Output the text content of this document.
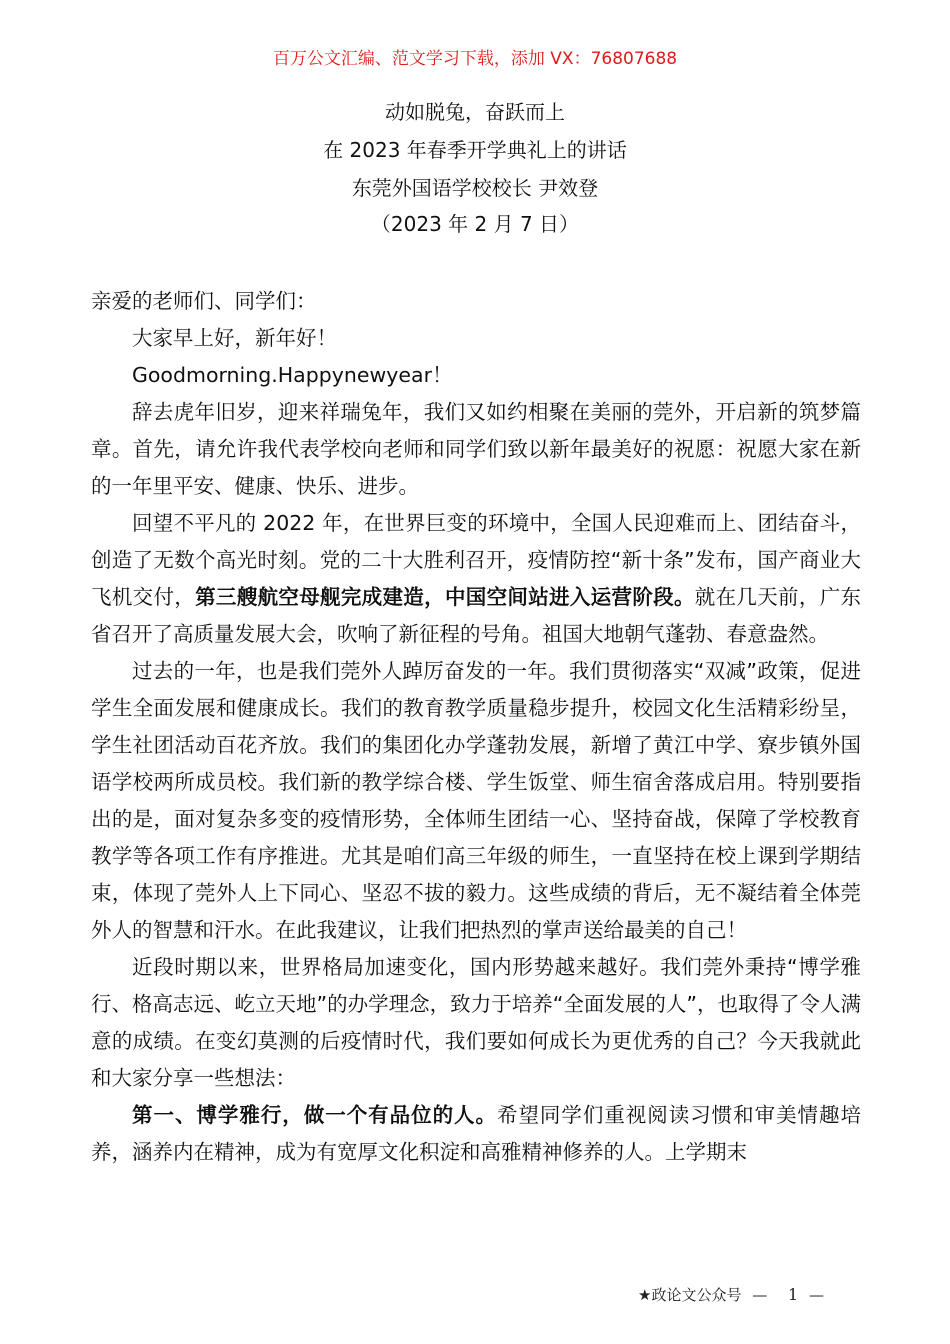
百万公文汇编、范文学习下载，添加 VX：76807688
动如脱兔，奋跃而上
在 2023 年春季开学典礼上的讲话
东莞外国语学校校长 尹效登
（2023 年 2 月 7 日）

亲爱的老师们、同学们：

大家早上好，新年好！

Goodmorning.Happynewyear！

辞去虎年旧岁，迎来祥瑞兔年，我们又如约相聚在美丽的莞外，开启新的筑梦篇章。首先，请允许我代表学校向老师和同学们致以新年最美好的祝愿：祝愿大家在新的一年里平安、健康、快乐、进步。

回望不平凡的 2022 年，在世界巨变的环境中，全国人民迎难而上、团结奋斗，创造了无数个高光时刻。党的二十大胜利召开，疫情防控“新十条”发布，国产商业大飞机交付，第三艘航空母舰完成建造，中国空间站进入运营阶段。就在几天前，广东省召开了高质量发展大会，吹响了新征程的号角。祖国大地朝气蓬勃、春意盎然。

过去的一年，也是我们莞外人踔厉奋发的一年。我们贯彻落实“双减”政策，促进学生全面发展和健康成长。我们的教育教学质量稳步提升，校园文化生活精彩纷呈，学生社团活动百花齐放。我们的集团化办学蓬勃发展，新增了黄江中学、寮步镇外国语学校两所成员校。我们新的教学综合楼、学生饭堂、师生宿舍落成启用。特别要指出的是，面对复杂多变的疫情形势，全体师生团结一心、坚持奋战，保障了学校教育教学等各项工作有序推进。尤其是咱们高三年级的师生，一直坚持在校上课到学期结束，体现了莞外人上下同心、坚忍不拔的毅力。这些成绩的背后，无不凝结着全体莞外人的智慧和汗水。在此我建议，让我们把热烈的掌声送给最美的自己！

近段时期以来，世界格局加速变化，国内形势越来越好。我们莞外秉持“博学雅行、格高志远、屹立天地”的办学理念，致力于培养“全面发展的人”，也取得了令人满意的成绩。在变幻莫测的后疫情时代，我们要如何成长为更优秀的自己？今天我就此和大家分享一些想法：

第一、博学雅行，做一个有品位的人。希望同学们重视阅读习惯和审美情趣培养，涵养内在精神，成为有宽厚文化积淀和高雅精神修养的人。上学期末

★政论文公众号 — 1 —
